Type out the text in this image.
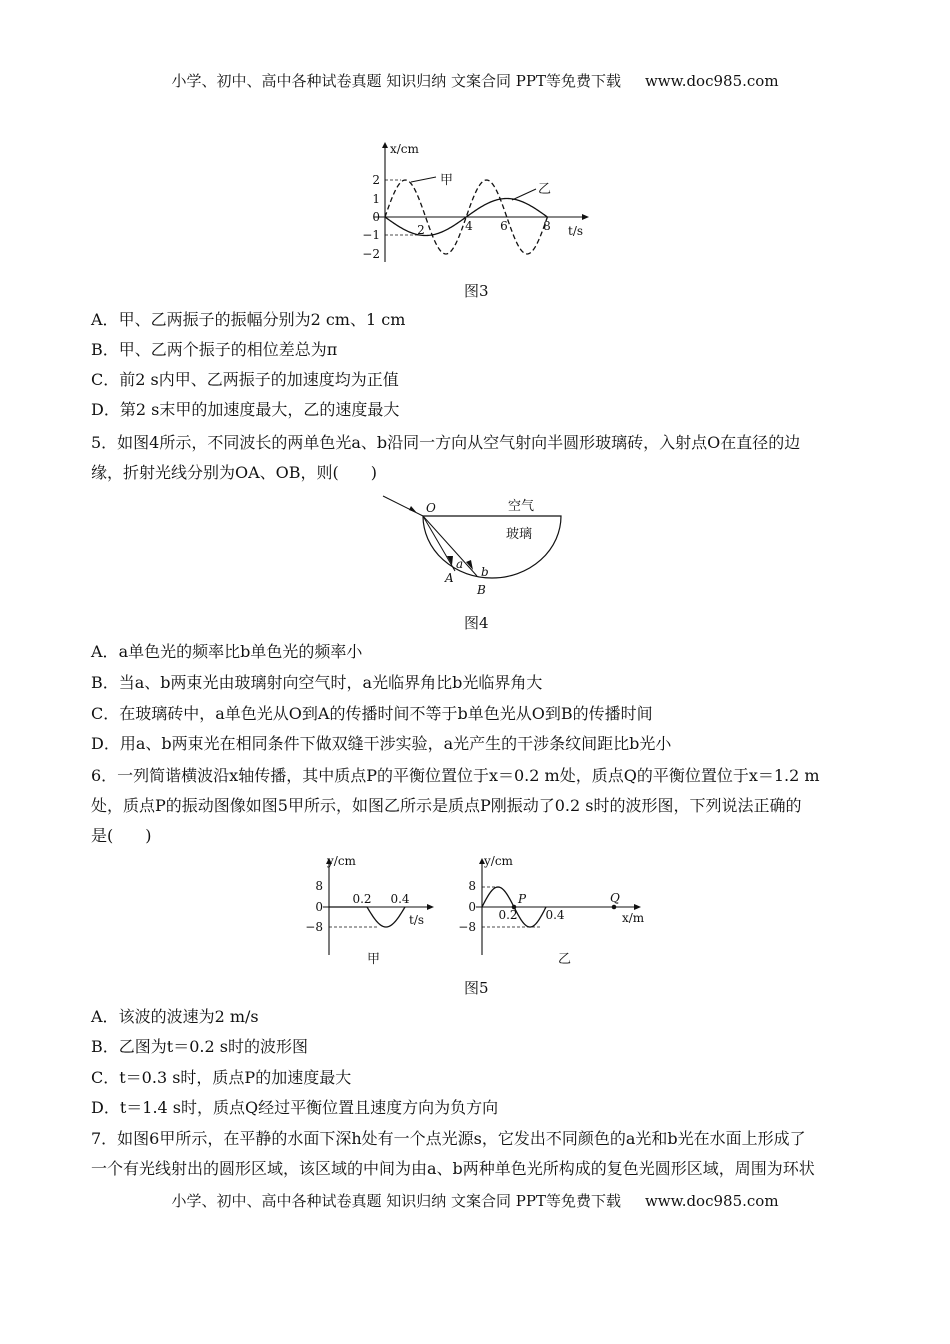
小学、初中、高中各种试卷真题 知识归纳 文案合同 PPT等免费下载 www.doc985.com
x/cm
t/s
甲
乙
2
1
0
−1
−2
2	4 6	8
图3
A．甲、乙两振子的振幅分别为2 cm、1 cm
B．甲、乙两个振子的相位差总为π
C．前2 s内甲、乙两振子的加速度均为正值
D．第2 s末甲的加速度最大，乙的速度最大
5．如图4所示，不同波长的两单色光a、b沿同一方向从空气射向半圆形玻璃砖，入射点O在直径的边
缘，折射光线分别为OA、OB，则(　　)
O	空气
玻璃
a
b
A
B
图4
A．a单色光的频率比b单色光的频率小
B．当a、b两束光由玻璃射向空气时，a光临界角比b光临界角大
C．在玻璃砖中，a单色光从O到A的传播时间不等于b单色光从O到B的传播时间
D．用a、b两束光在相同条件下做双缝干涉实验，a光产生的干涉条纹间距比b光小
6．一列简谐横波沿x轴传播，其中质点P的平衡位置位于x＝0.2 m处，质点Q的平衡位置位于x＝1.2 m
处，质点P的振动图像如图5甲所示，如图乙所示是质点P刚振动了0.2 s时的波形图，下列说法正确的
是(　　)
y/cm
t/s
8
0
−8
0.2 0.4
甲
y/cm
x/m
8
0
−8
0.2 0.4
P	Q
乙
图5
A．该波的波速为2 m/s
B．乙图为t＝0.2 s时的波形图
C．t＝0.3 s时，质点P的加速度最大
D．t＝1.4 s时，质点Q经过平衡位置且速度方向为负方向
7．如图6甲所示，在平静的水面下深h处有一个点光源s，它发出不同颜色的a光和b光在水面上形成了
一个有光线射出的圆形区域，该区域的中间为由a、b两种单色光所构成的复色光圆形区域，周围为环状
小学、初中、高中各种试卷真题 知识归纳 文案合同 PPT等免费下载 www.doc985.com
